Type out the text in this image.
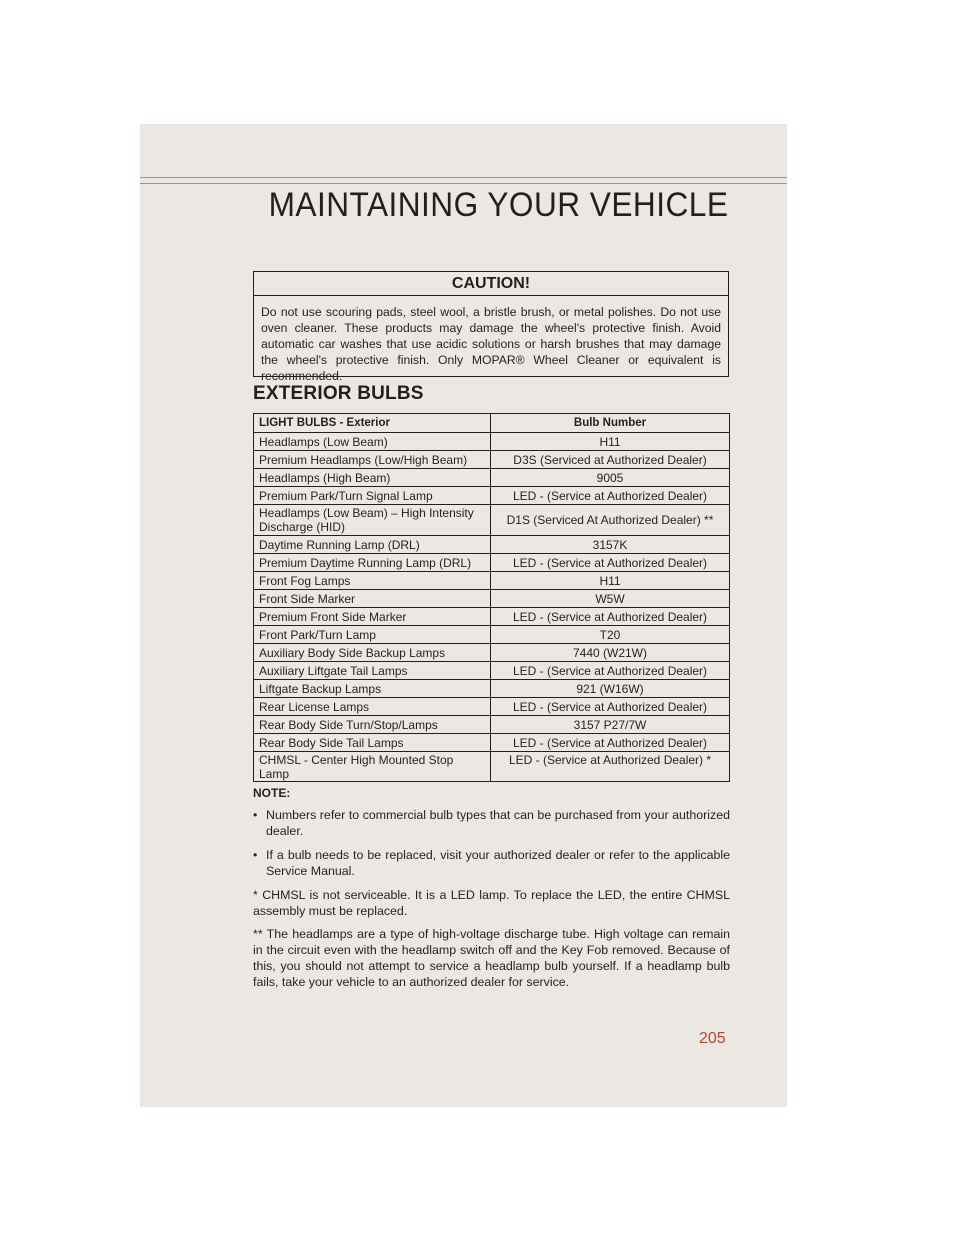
MAINTAINING YOUR VEHICLE
CAUTION!
Do not use scouring pads, steel wool, a bristle brush, or metal polishes. Do not use oven cleaner. These products may damage the wheel's protective finish. Avoid automatic car washes that use acidic solutions or harsh brushes that may damage the wheel's protective finish. Only MOPAR® Wheel Cleaner or equivalent is recommended.
EXTERIOR BULBS
LIGHT BULBS - Exterior	Bulb Number
Headlamps (Low Beam)	H11
Premium Headlamps (Low/High Beam)	D3S (Serviced at Authorized Dealer)
Headlamps (High Beam)	9005
Premium Park/Turn Signal Lamp	LED - (Service at Authorized Dealer)
Headlamps (Low Beam) – High Intensity Discharge (HID)	D1S (Serviced At Authorized Dealer) **
Daytime Running Lamp (DRL)	3157K
Premium Daytime Running Lamp (DRL)	LED - (Service at Authorized Dealer)
Front Fog Lamps	H11
Front Side Marker	W5W
Premium Front Side Marker	LED - (Service at Authorized Dealer)
Front Park/Turn Lamp	T20
Auxiliary Body Side Backup Lamps	7440 (W21W)
Auxiliary Liftgate Tail Lamps	LED - (Service at Authorized Dealer)
Liftgate Backup Lamps	921 (W16W)
Rear License Lamps	LED - (Service at Authorized Dealer)
Rear Body Side Turn/Stop/Lamps	3157 P27/7W
Rear Body Side Tail Lamps	LED - (Service at Authorized Dealer)
CHMSL - Center High Mounted Stop Lamp	LED - (Service at Authorized Dealer) *
NOTE:
• Numbers refer to commercial bulb types that can be purchased from your authorized dealer.
• If a bulb needs to be replaced, visit your authorized dealer or refer to the applicable Service Manual.
* CHMSL is not serviceable. It is a LED lamp. To replace the LED, the entire CHMSL assembly must be replaced.
** The headlamps are a type of high-voltage discharge tube. High voltage can remain in the circuit even with the headlamp switch off and the Key Fob removed. Because of this, you should not attempt to service a headlamp bulb yourself. If a headlamp bulb fails, take your vehicle to an authorized dealer for service.
205
